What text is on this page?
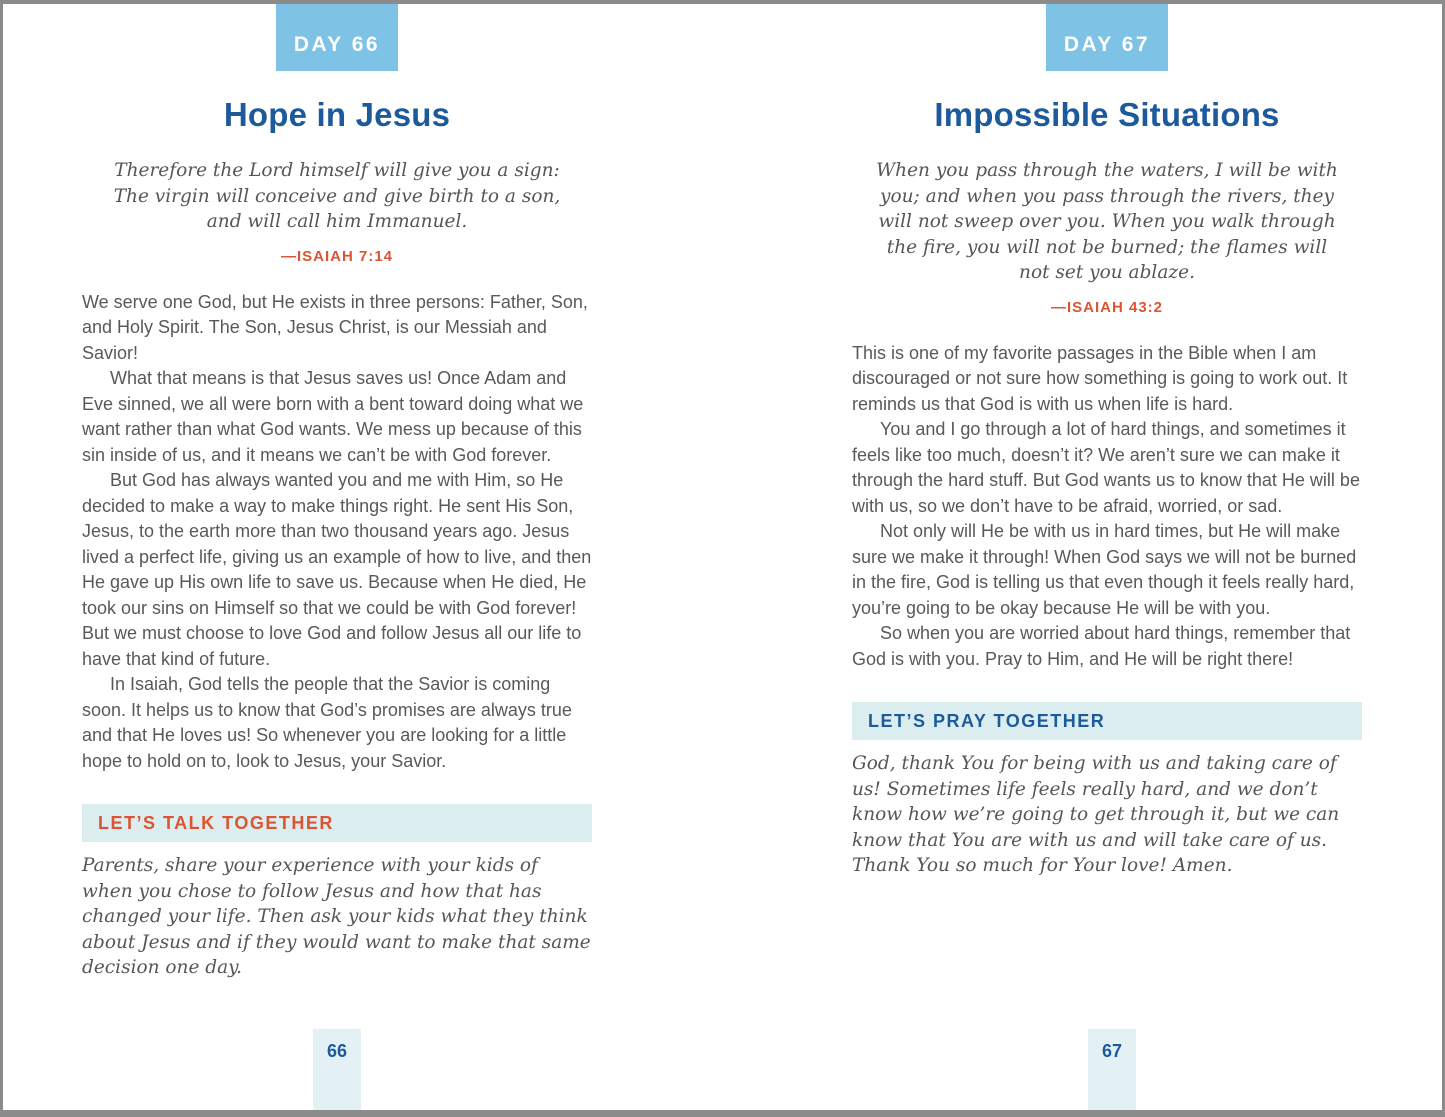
DAY 66
Hope in Jesus
Therefore the Lord himself will give you a sign: The virgin will conceive and give birth to a son, and will call him Immanuel.
—ISAIAH 7:14

We serve one God, but He exists in three persons: Father, Son, and Holy Spirit. The Son, Jesus Christ, is our Messiah and Savior!

What that means is that Jesus saves us! Once Adam and Eve sinned, we all were born with a bent toward doing what we want rather than what God wants. We mess up because of this sin inside of us, and it means we can’t be with God forever.

But God has always wanted you and me with Him, so He decided to make a way to make things right. He sent His Son, Jesus, to the earth more than two thousand years ago. Jesus lived a perfect life, giving us an example of how to live, and then He gave up His own life to save us. Because when He died, He took our sins on Himself so that we could be with God forever! But we must choose to love God and follow Jesus all our life to have that kind of future.

In Isaiah, God tells the people that the Savior is coming soon. It helps us to know that God’s promises are always true and that He loves us! So whenever you are looking for a little hope to hold on to, look to Jesus, your Savior.

LET’S TALK TOGETHER
Parents, share your experience with your kids of when you chose to follow Jesus and how that has changed your life. Then ask your kids what they think about Jesus and if they would want to make that same decision one day.
DAY 67
Impossible Situations
When you pass through the waters, I will be with you; and when you pass through the rivers, they will not sweep over you. When you walk through the fire, you will not be burned; the flames will not set you ablaze.
—ISAIAH 43:2

This is one of my favorite passages in the Bible when I am discouraged or not sure how something is going to work out. It reminds us that God is with us when life is hard.

You and I go through a lot of hard things, and sometimes it feels like too much, doesn’t it? We aren’t sure we can make it through the hard stuff. But God wants us to know that He will be with us, so we don’t have to be afraid, worried, or sad.

Not only will He be with us in hard times, but He will make sure we make it through! When God says we will not be burned in the fire, God is telling us that even though it feels really hard, you’re going to be okay because He will be with you.

So when you are worried about hard things, remember that God is with you. Pray to Him, and He will be right there!

LET’S PRAY TOGETHER
God, thank You for being with us and taking care of us! Sometimes life feels really hard, and we don’t know how we’re going to get through it, but we can know that You are with us and will take care of us. Thank You so much for Your love! Amen.
66	67
